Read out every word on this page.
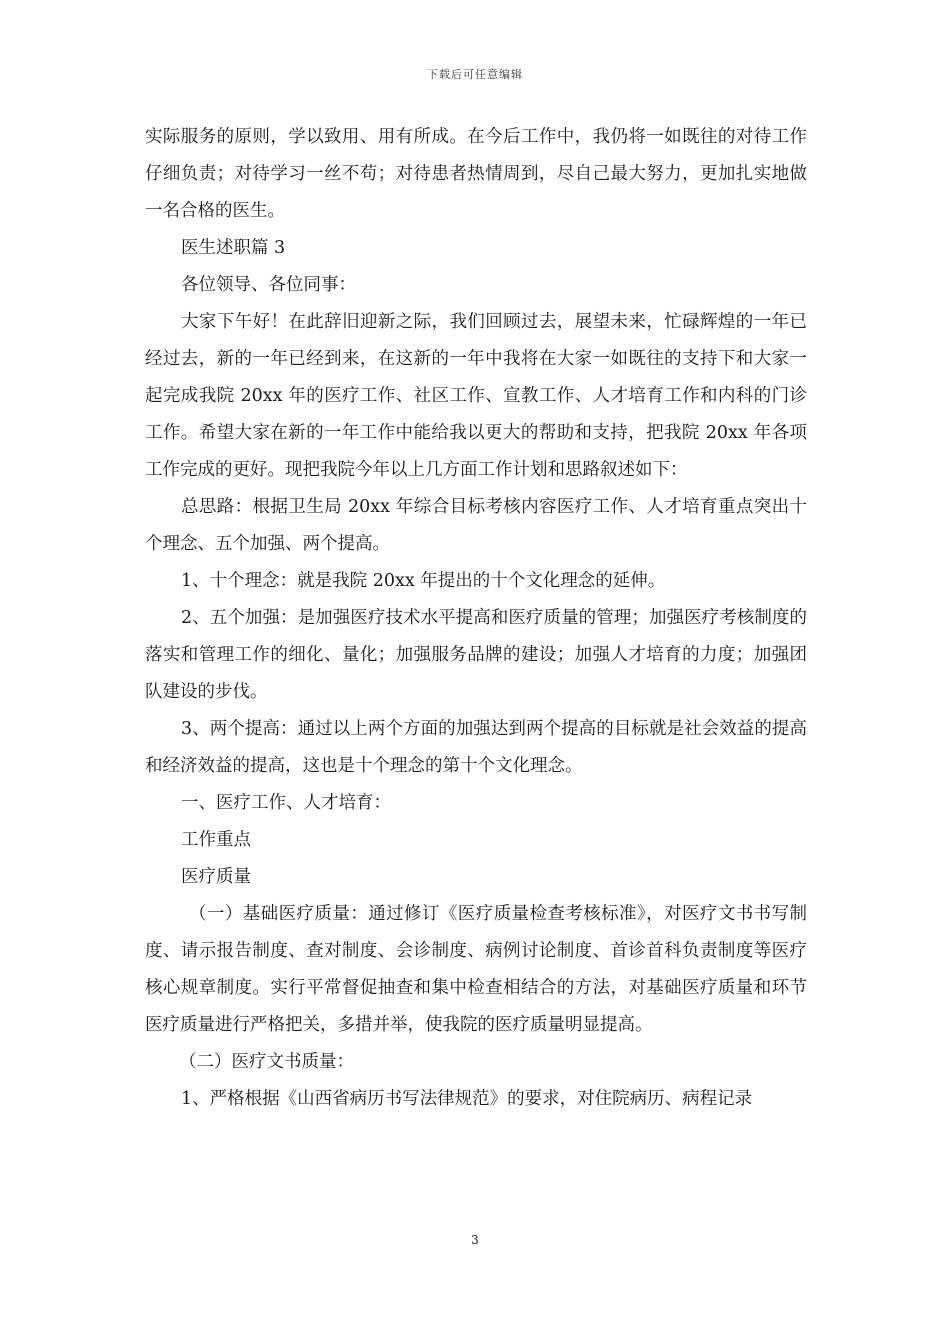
下载后可任意编辑

实际服务的原则，学以致用、用有所成。在今后工作中，我仍将一如既往的对待工作仔细负责；对待学习一丝不苟；对待患者热情周到，尽自己最大努力，更加扎实地做一名合格的医生。

医生述职篇 3

各位领导、各位同事：

大家下午好！在此辞旧迎新之际，我们回顾过去，展望未来，忙碌辉煌的一年已经过去，新的一年已经到来，在这新的一年中我将在大家一如既往的支持下和大家一起完成我院 20xx 年的医疗工作、社区工作、宣教工作、人才培育工作和内科的门诊工作。希望大家在新的一年工作中能给我以更大的帮助和支持，把我院 20xx 年各项工作完成的更好。现把我院今年以上几方面工作计划和思路叙述如下：

总思路：根据卫生局 20xx 年综合目标考核内容医疗工作、人才培育重点突出十个理念、五个加强、两个提高。

1、十个理念：就是我院 20xx 年提出的十个文化理念的延伸。

2、五个加强：是加强医疗技术水平提高和医疗质量的管理；加强医疗考核制度的落实和管理工作的细化、量化；加强服务品牌的建设；加强人才培育的力度；加强团队建设的步伐。

3、两个提高：通过以上两个方面的加强达到两个提高的目标就是社会效益的提高和经济效益的提高，这也是十个理念的第十个文化理念。

一、医疗工作、人才培育：

工作重点

医疗质量

（一）基础医疗质量：通过修订《医疗质量检查考核标准》，对医疗文书书写制度、请示报告制度、查对制度、会诊制度、病例讨论制度、首诊首科负责制度等医疗核心规章制度。实行平常督促抽查和集中检查相结合的方法，对基础医疗质量和环节医疗质量进行严格把关，多措并举，使我院的医疗质量明显提高。

（二）医疗文书质量：

1、严格根据《山西省病历书写法律规范》的要求，对住院病历、病程记录

3
